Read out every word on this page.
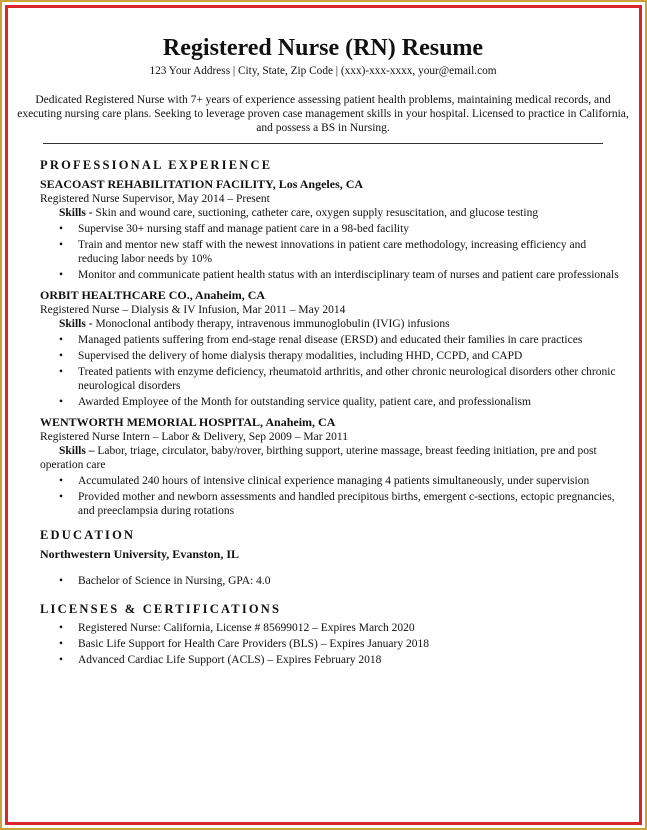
Registered Nurse (RN) Resume
123 Your Address | City, State, Zip Code | (xxx)-xxx-xxxx, your@email.com
Dedicated Registered Nurse with 7+ years of experience assessing patient health problems, maintaining medical records, and executing nursing care plans. Seeking to leverage proven case management skills in your hospital. Licensed to practice in California, and possess a BS in Nursing.
PROFESSIONAL EXPERIENCE
SEACOAST REHABILITATION FACILITY, Los Angeles, CA
Registered Nurse Supervisor, May 2014 – Present
Skills - Skin and wound care, suctioning, catheter care, oxygen supply resuscitation, and glucose testing
• Supervise 30+ nursing staff and manage patient care in a 98-bed facility
• Train and mentor new staff with the newest innovations in patient care methodology, increasing efficiency and reducing labor needs by 10%
• Monitor and communicate patient health status with an interdisciplinary team of nurses and patient care professionals
ORBIT HEALTHCARE CO., Anaheim, CA
Registered Nurse – Dialysis & IV Infusion, Mar 2011 – May 2014
Skills - Monoclonal antibody therapy, intravenous immunoglobulin (IVIG) infusions
• Managed patients suffering from end-stage renal disease (ERSD) and educated their families in care practices
• Supervised the delivery of home dialysis therapy modalities, including HHD, CCPD, and CAPD
• Treated patients with enzyme deficiency, rheumatoid arthritis, and other chronic neurological disorders other chronic neurological disorders
• Awarded Employee of the Month for outstanding service quality, patient care, and professionalism
WENTWORTH MEMORIAL HOSPITAL, Anaheim, CA
Registered Nurse Intern – Labor & Delivery, Sep 2009 – Mar 2011
Skills – Labor, triage, circulator, baby/rover, birthing support, uterine massage, breast feeding initiation, pre and post operation care
• Accumulated 240 hours of intensive clinical experience managing 4 patients simultaneously, under supervision
• Provided mother and newborn assessments and handled precipitous births, emergent c-sections, ectopic pregnancies, and preeclampsia during rotations
EDUCATION
Northwestern University, Evanston, IL
• Bachelor of Science in Nursing, GPA: 4.0
LICENSES & CERTIFICATIONS
• Registered Nurse: California, License # 85699012 – Expires March 2020
• Basic Life Support for Health Care Providers (BLS) – Expires January 2018
• Advanced Cardiac Life Support (ACLS) – Expires February 2018
